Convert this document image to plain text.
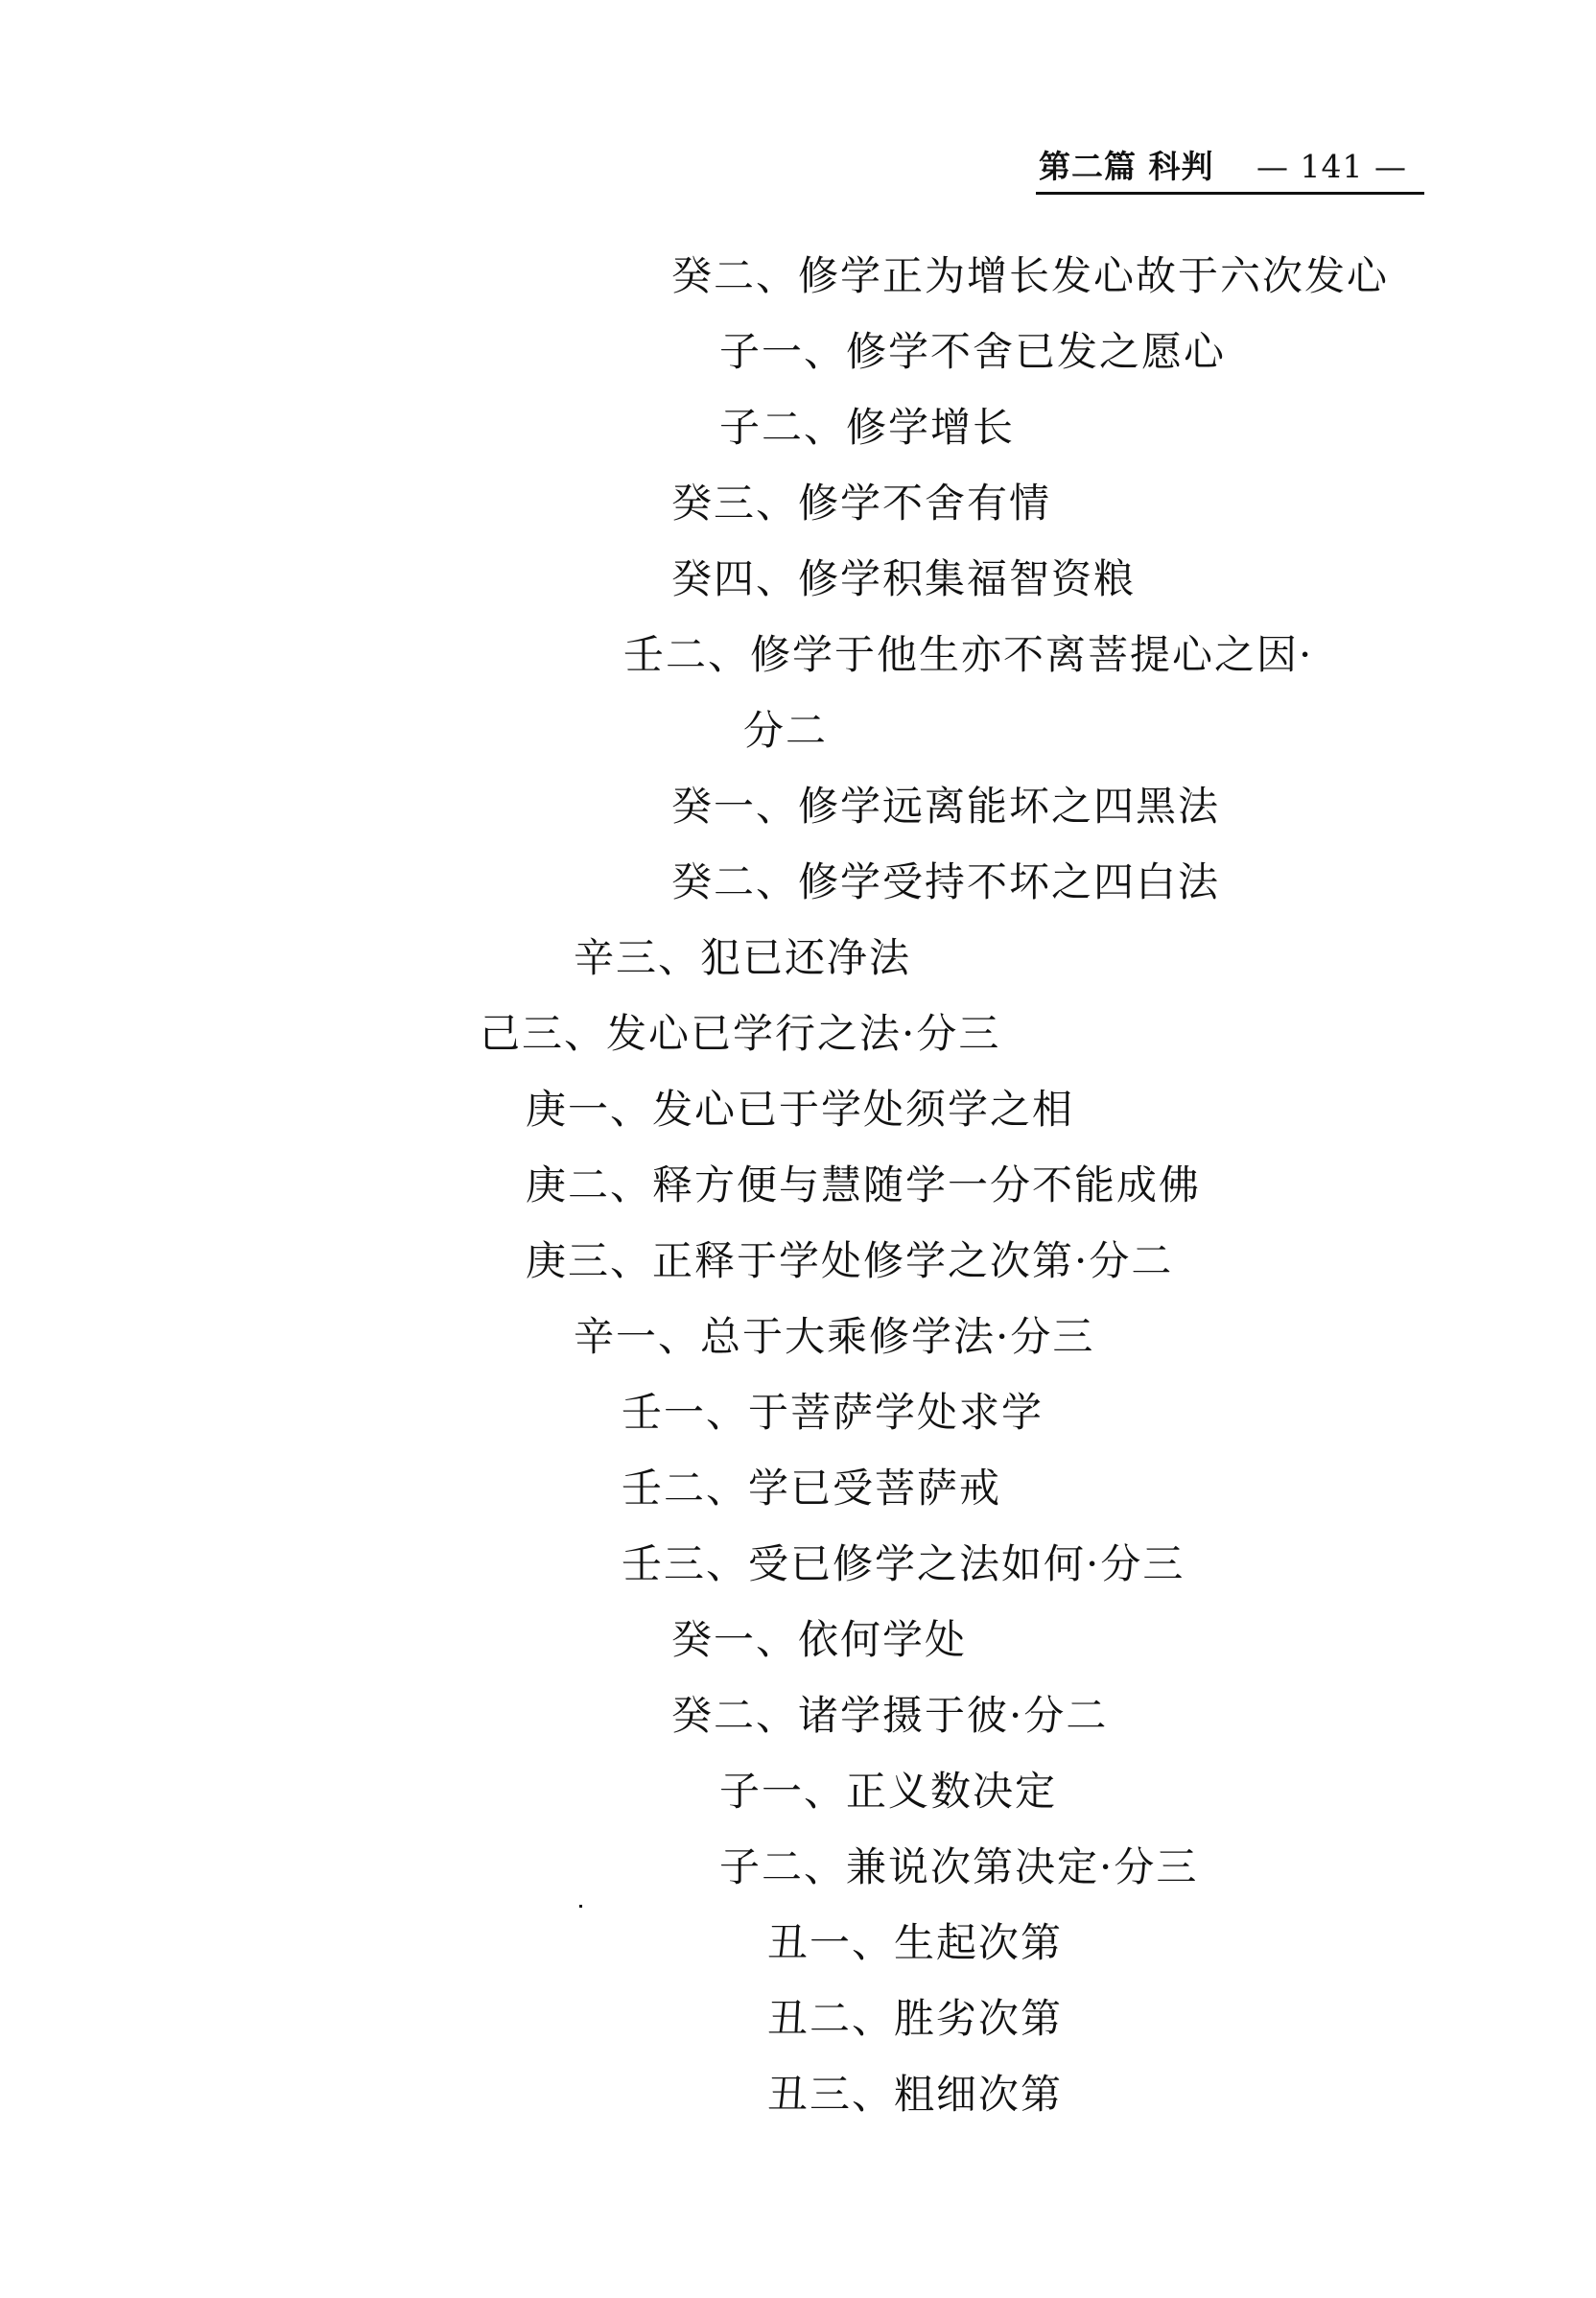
第二篇 科判 — 141 —
癸二、修学正为增长发心故于六次发心
子一、修学不舍已发之愿心
子二、修学增长
癸三、修学不舍有情
癸四、修学积集福智资粮
壬二、修学于他生亦不离菩提心之因·
分二
癸一、修学远离能坏之四黑法
癸二、修学受持不坏之四白法
辛三、犯已还净法
己三、发心已学行之法·分三
庚一、发心已于学处须学之相
庚二、释方便与慧随学一分不能成佛
庚三、正释于学处修学之次第·分二
辛一、总于大乘修学法·分三
壬一、于菩萨学处求学
壬二、学已受菩萨戒
壬三、受已修学之法如何·分三
癸一、依何学处
癸二、诸学摄于彼·分二
子一、正义数决定
子二、兼说次第决定·分三
丑一、生起次第
丑二、胜劣次第
丑三、粗细次第
